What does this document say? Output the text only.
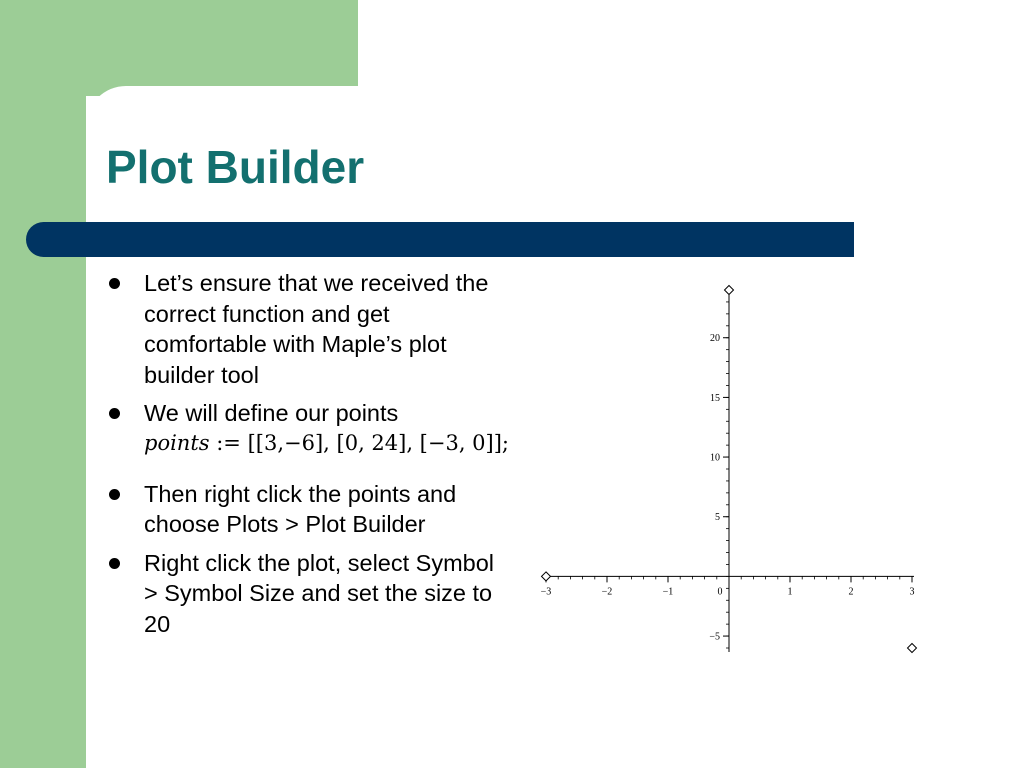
Plot Builder
Let’s ensure that we received the correct function and get comfortable with Maple’s plot builder tool
We will define our points
points := [[3,−6], [0, 24], [−3, 0]];
Then right click the points and choose Plots > Plot Builder
Right click the plot, select Symbol > Symbol Size and set the size to 20
−3	−2	−1	0	1	2	3
−5
5
10
15
20
